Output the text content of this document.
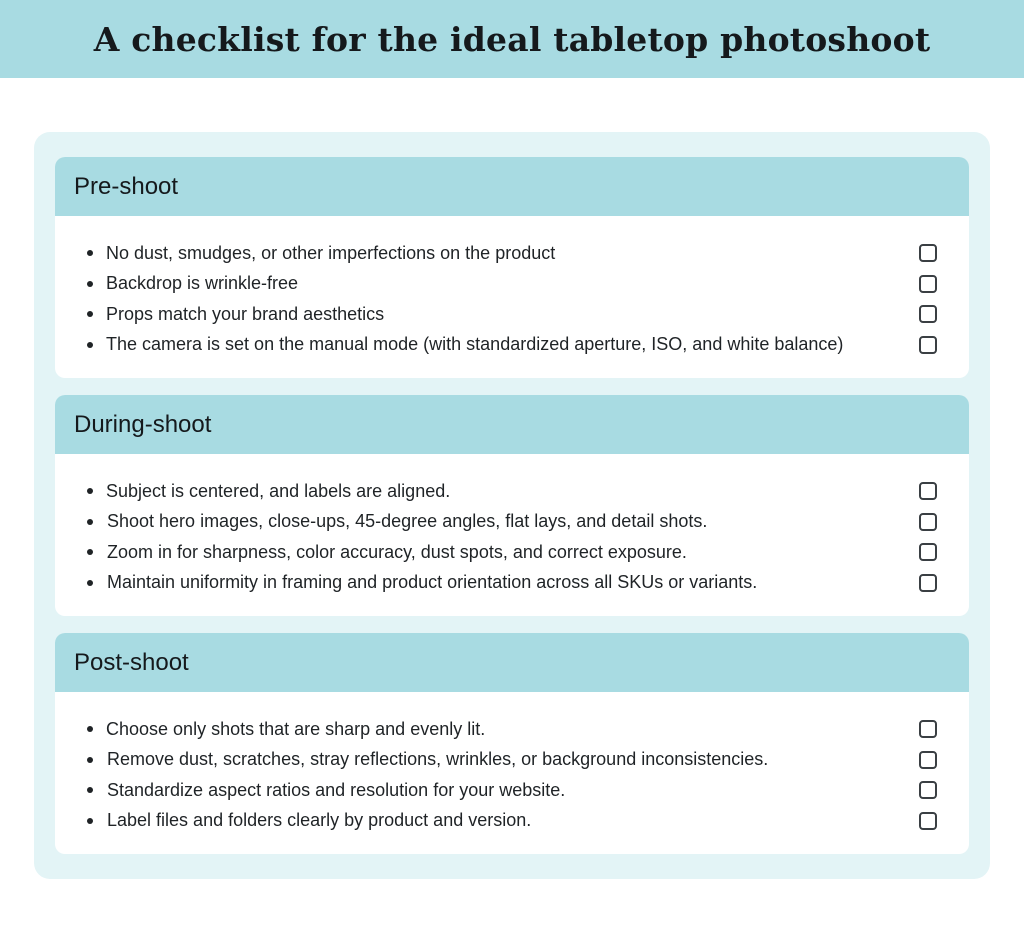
A checklist for the ideal tabletop photoshoot
Pre-shoot
No dust, smudges, or other imperfections on the product
Backdrop is wrinkle-free
Props match your brand aesthetics
The camera is set on the manual mode (with standardized aperture, ISO, and white balance)
During-shoot
Subject is centered, and labels are aligned.
Shoot hero images, close-ups, 45-degree angles, flat lays, and detail shots.
Zoom in for sharpness, color accuracy, dust spots, and correct exposure.
Maintain uniformity in framing and product orientation across all SKUs or variants.
Post-shoot
Choose only shots that are sharp and evenly lit.
Remove dust, scratches, stray reflections, wrinkles, or background inconsistencies.
Standardize aspect ratios and resolution for your website.
Label files and folders clearly by product and version.
